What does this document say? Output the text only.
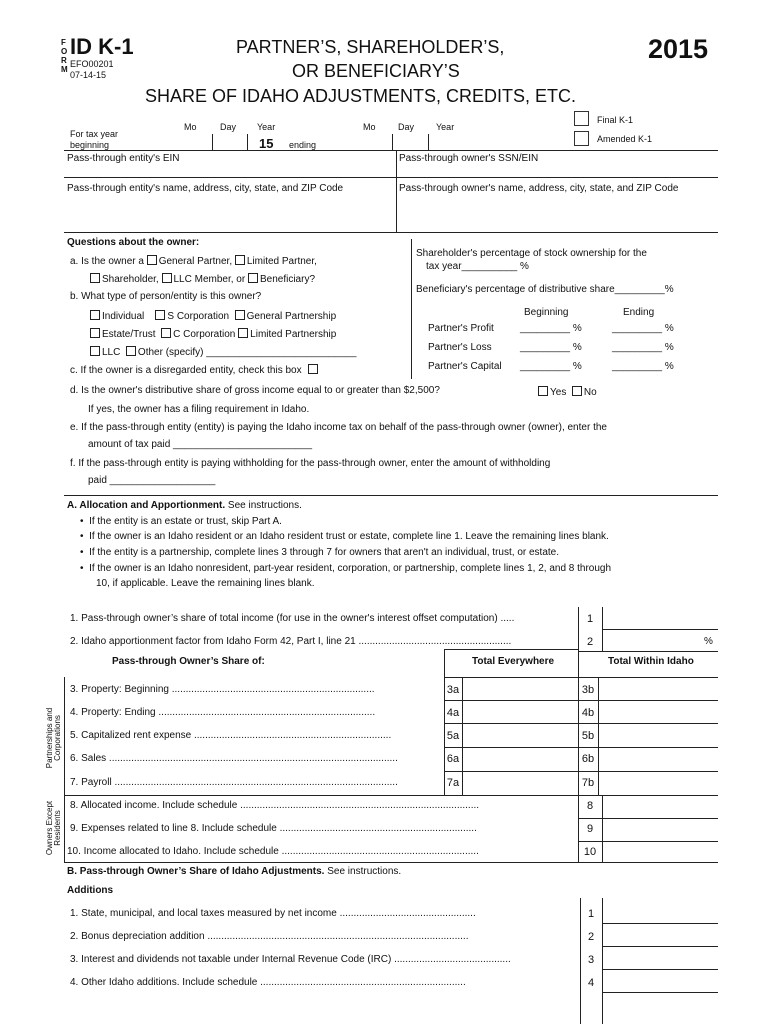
F
O
R
M
ID K-1
EFO00201
07-14-15
PARTNER’S, SHAREHOLDER’S,
OR BENEFICIARY’S
SHARE OF IDAHO ADJUSTMENTS, CREDITS, ETC.
2015
Mo	Day Year	Mo Day Year
For tax year
beginning	15 ending
Final K-1
Amended K-1
Pass-through entity's EIN	Pass-through owner's SSN/EIN
Pass-through entity's name, address, city, state, and ZIP Code	Pass-through owner's name, address, city, state, and ZIP Code
Questions about the owner:
a. Is the owner a General Partner, Limited Partner,
Shareholder, LLC Member, or Beneficiary?
b. What type of person/entity is this owner?
Individual S Corporation General Partnership
Estate/Trust C Corporation Limited Partnership
LLC Other (specify) ___________________________
c. If the owner is a disregarded entity, check this box
Shareholder's percentage of stock ownership for the
tax year__________ %
Beneficiary's percentage of distributive share_________%
Beginning	Ending
Partner's Profit	_________ %	_________ %
Partner's Loss	_________ %	_________ %
Partner's Capital _________ %	_________ %
d. Is the owner's distributive share of gross income equal to or greater than $2,500?	Yes No
If yes, the owner has a filing requirement in Idaho.
e. If the pass-through entity (entity) is paying the Idaho income tax on behalf of the pass-through owner (owner), enter the
amount of tax paid _________________________
f. If the pass-through entity is paying withholding for the pass-through owner, enter the amount of withholding
paid ___________________
A. Allocation and Apportionment. See instructions.
•  If the entity is an estate or trust, skip Part A.
•  If the owner is an Idaho resident or an Idaho resident trust or estate, complete line 1. Leave the remaining lines blank.
•  If the entity is a partnership, complete lines 3 through 7 for owners that aren't an individual, trust, or estate.
•  If the owner is an Idaho nonresident, part-year resident, corporation, or partnership, complete lines 1, 2, and 8 through
10, if applicable. Leave the remaining lines blank.
1. Pass-through owner’s share of total income (for use in the owner's interest offset computation) .....	1
2. Idaho apportionment factor from Idaho Form 42, Part I, line 21 .......................................................	2	%
Pass-through Owner’s Share of:	Total Everywhere	Total Within Idaho
3. Property: Beginning .........................................................................	3a	3b
4. Property: Ending ..............................................................................	4a	4b
5. Capitalized rent expense .......................................................................	5a	5b
6. Sales ........................................................................................................	6a	6b
7. Payroll ......................................................................................................	7a	7b
Partnerships and Corporations
Owners Except Residents
8. Allocated income. Include schedule ......................................................................................	8
9. Expenses related to line 8. Include schedule .......................................................................	9
10. Income allocated to Idaho. Include schedule .......................................................................	10
B. Pass-through Owner’s Share of Idaho Adjustments. See instructions.
Additions
1. State, municipal, and local taxes measured by net income .................................................	1
2. Bonus depreciation addition ..............................................................................................	2
3. Interest and dividends not taxable under Internal Revenue Code (IRC) ..........................................	3
4. Other Idaho additions. Include schedule ..........................................................................	4
